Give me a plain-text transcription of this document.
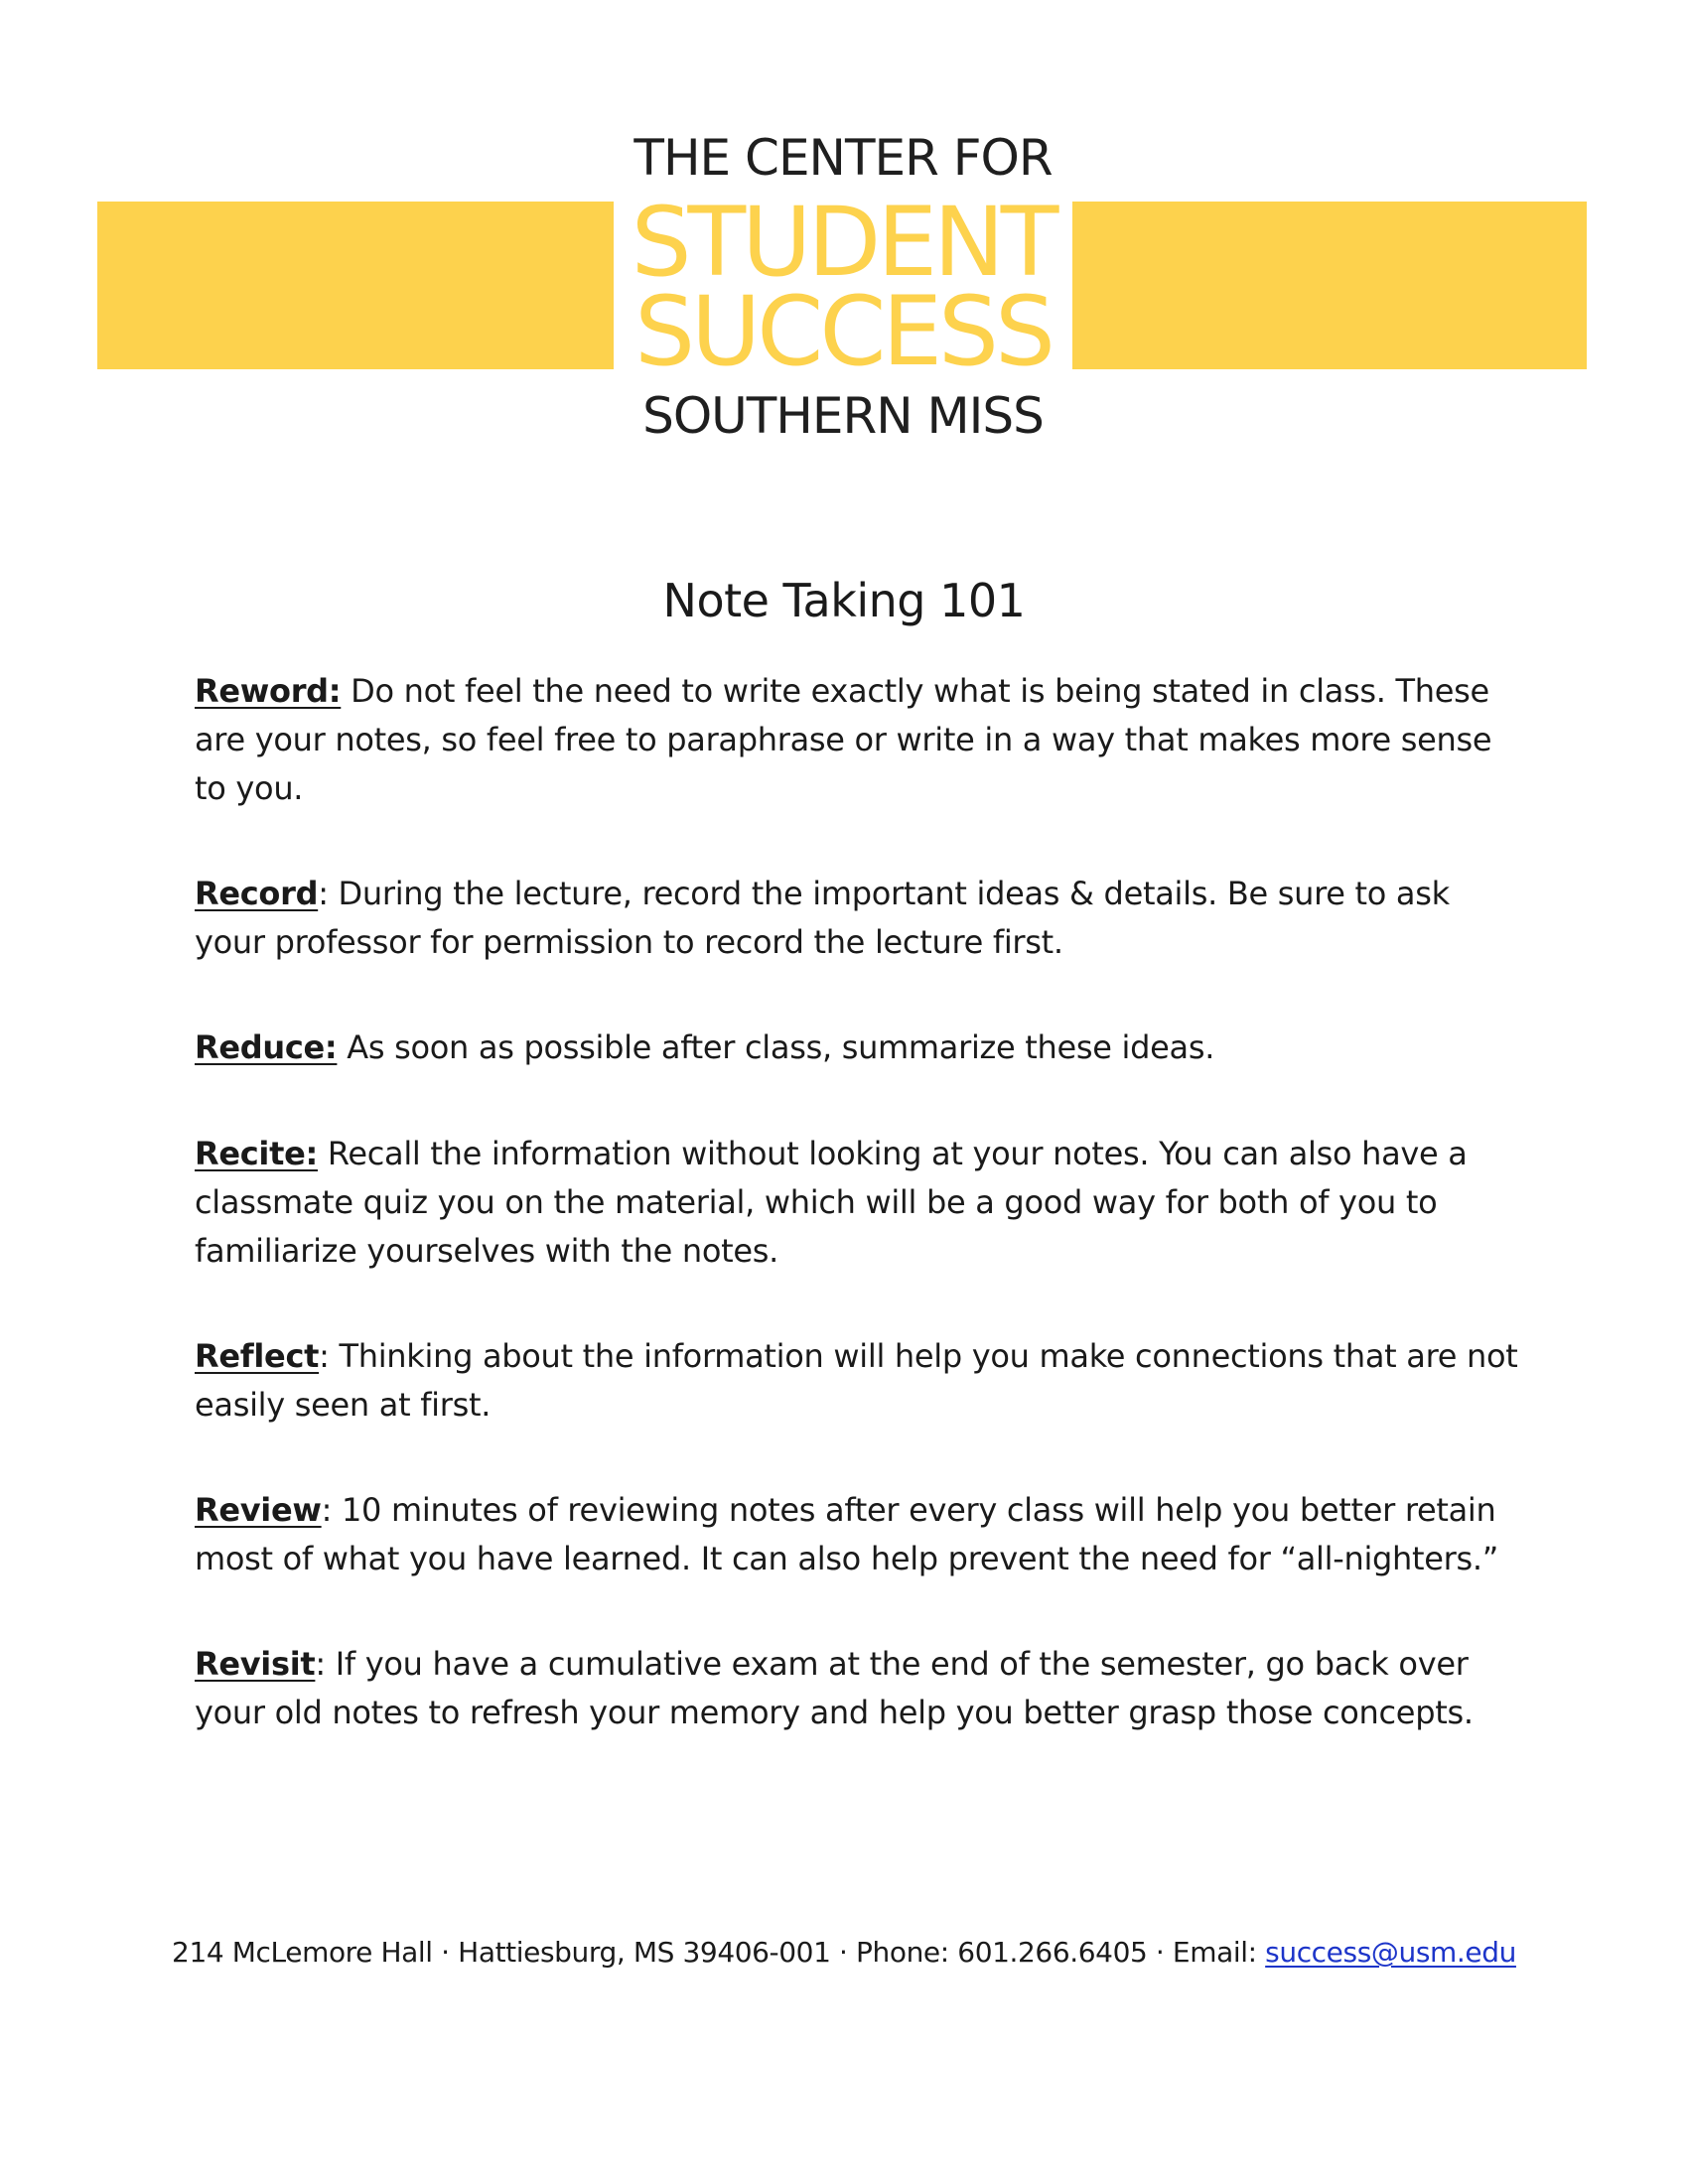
THE CENTER FOR
STUDENT
SUCCESS
SOUTHERN MISS
Note Taking 101

Reword: Do not feel the need to write exactly what is being stated in class. These are your notes, so feel free to paraphrase or write in a way that makes more sense to you.

Record: During the lecture, record the important ideas & details. Be sure to ask your professor for permission to record the lecture first.

Reduce: As soon as possible after class, summarize these ideas.

Recite: Recall the information without looking at your notes. You can also have a classmate quiz you on the material, which will be a good way for both of you to familiarize yourselves with the notes.

Reflect: Thinking about the information will help you make connections that are not easily seen at first.

Review: 10 minutes of reviewing notes after every class will help you better retain most of what you have learned. It can also help prevent the need for “all-nighters.”

Revisit: If you have a cumulative exam at the end of the semester, go back over your old notes to refresh your memory and help you better grasp those concepts.

214 McLemore Hall · Hattiesburg, MS 39406-001 · Phone: 601.266.6405 · Email: success@usm.edu
